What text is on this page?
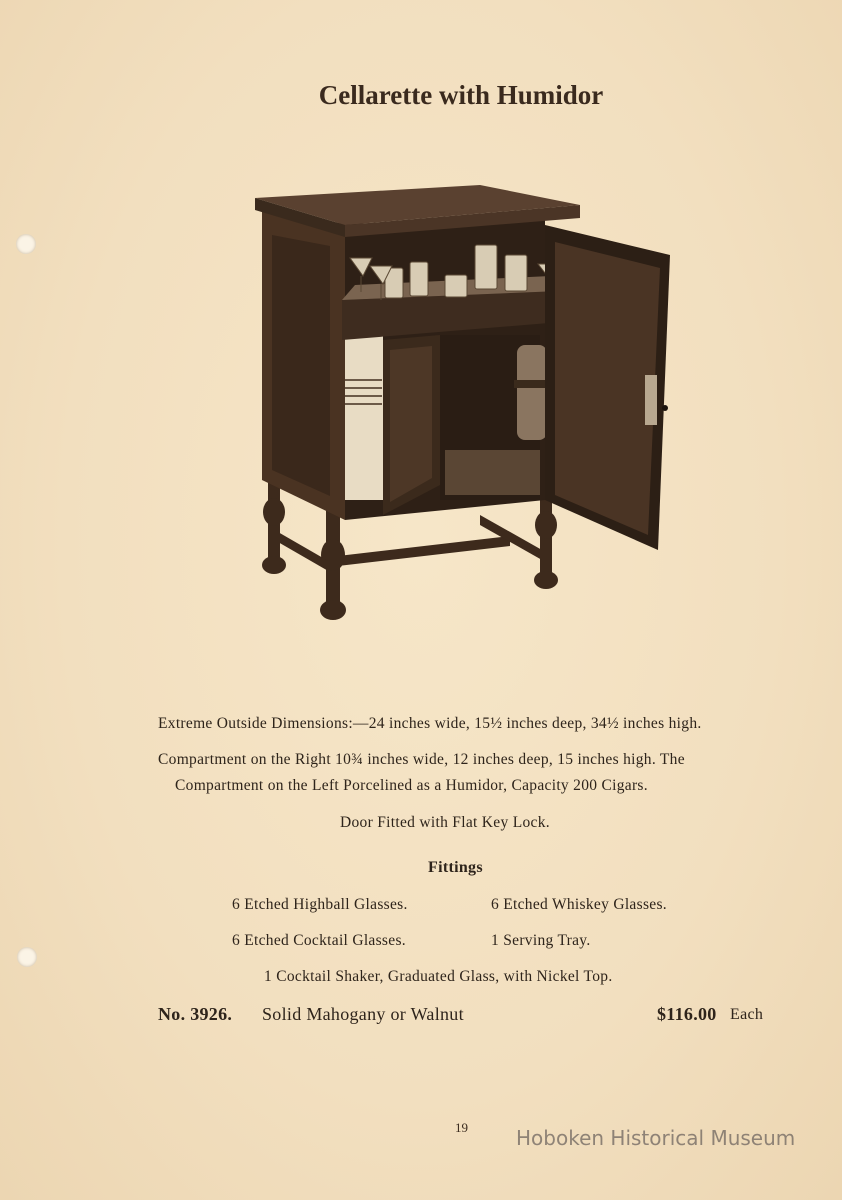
Cellarette with Humidor
Extreme Outside Dimensions:—24 inches wide, 15½ inches deep, 34½ inches high.
Compartment on the Right 10¾ inches wide, 12 inches deep, 15 inches high. The
Compartment on the Left Porcelined as a Humidor, Capacity 200 Cigars.
Door Fitted with Flat Key Lock.
Fittings
6 Etched Highball Glasses.	6 Etched Whiskey Glasses.
6 Etched Cocktail Glasses.	1 Serving Tray.
1 Cocktail Shaker, Graduated Glass, with Nickel Top.
No. 3926. Solid Mahogany or Walnut	$116.00 Each
19 Hoboken Historical Museum
